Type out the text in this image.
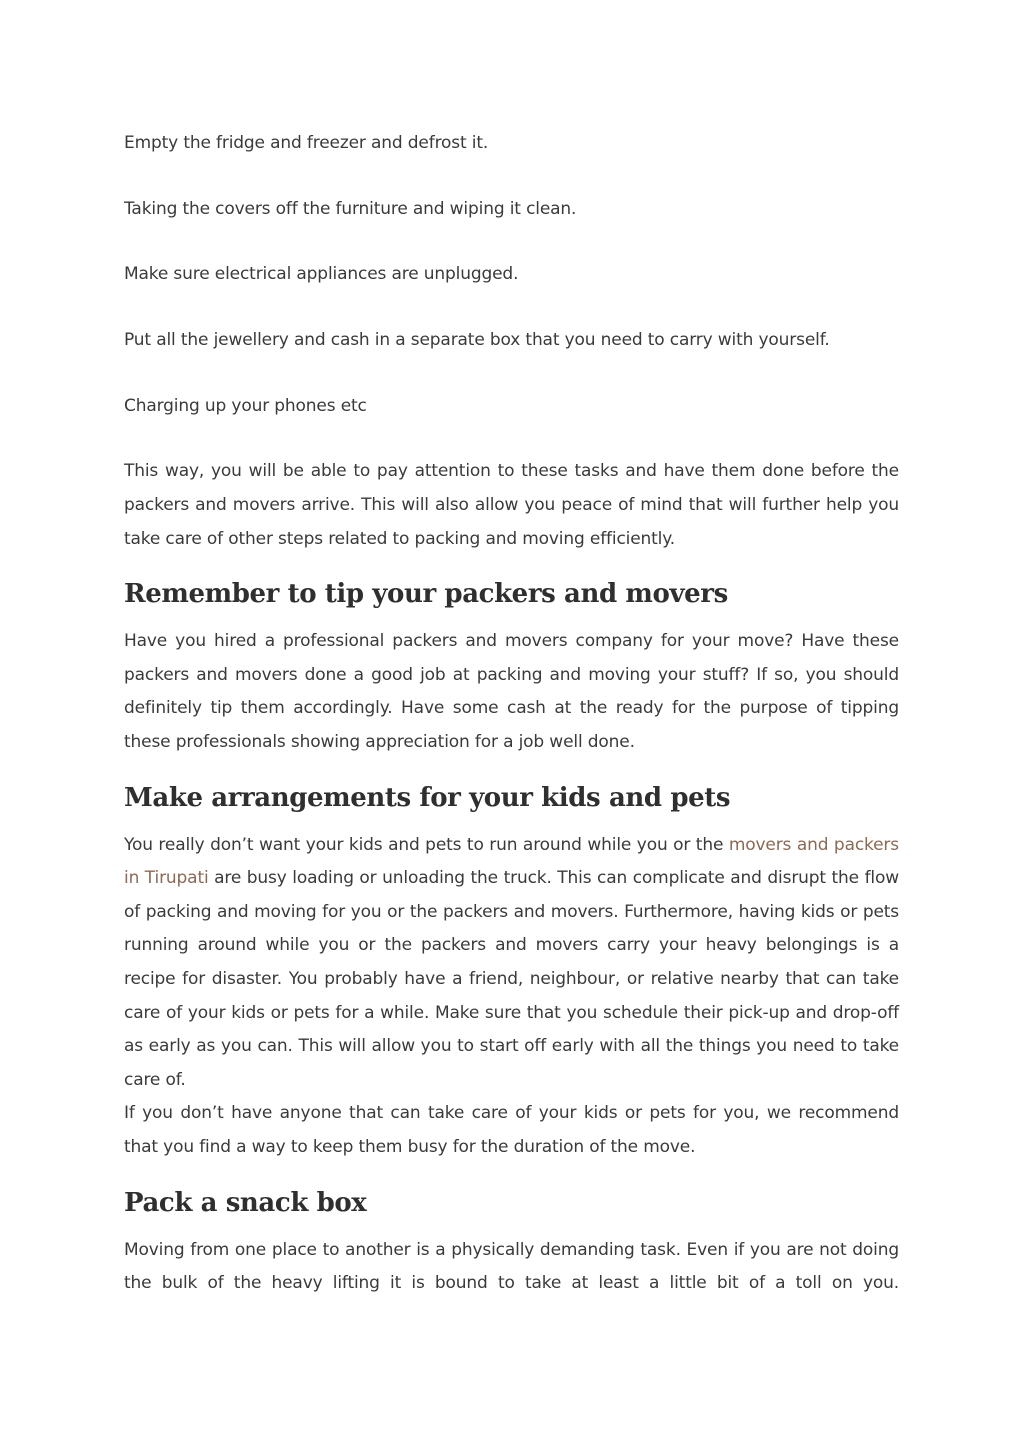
Empty the fridge and freezer and defrost it.

Taking the covers off the furniture and wiping it clean.

Make sure electrical appliances are unplugged.

Put all the jewellery and cash in a separate box that you need to carry with yourself.

Charging up your phones etc

This way, you will be able to pay attention to these tasks and have them done before the packers and movers arrive. This will also allow you peace of mind that will further help you take care of other steps related to packing and moving efficiently.

Remember to tip your packers and movers

Have you hired a professional packers and movers company for your move? Have these packers and movers done a good job at packing and moving your stuff? If so, you should definitely tip them accordingly. Have some cash at the ready for the purpose of tipping these professionals showing appreciation for a job well done.

Make arrangements for your kids and pets

You really don’t want your kids and pets to run around while you or the movers and packers in Tirupati are busy loading or unloading the truck. This can complicate and disrupt the flow of packing and moving for you or the packers and movers. Furthermore, having kids or pets running around while you or the packers and movers carry your heavy belongings is a recipe for disaster. You probably have a friend, neighbour, or relative nearby that can take care of your kids or pets for a while. Make sure that you schedule their pick-up and drop-off as early as you can. This will allow you to start off early with all the things you need to take care of.

If you don’t have anyone that can take care of your kids or pets for you, we recommend that you find a way to keep them busy for the duration of the move.

Pack a snack box

Moving from one place to another is a physically demanding task. Even if you are not doing the bulk of the heavy lifting it is bound to take at least a little bit of a toll on you.
